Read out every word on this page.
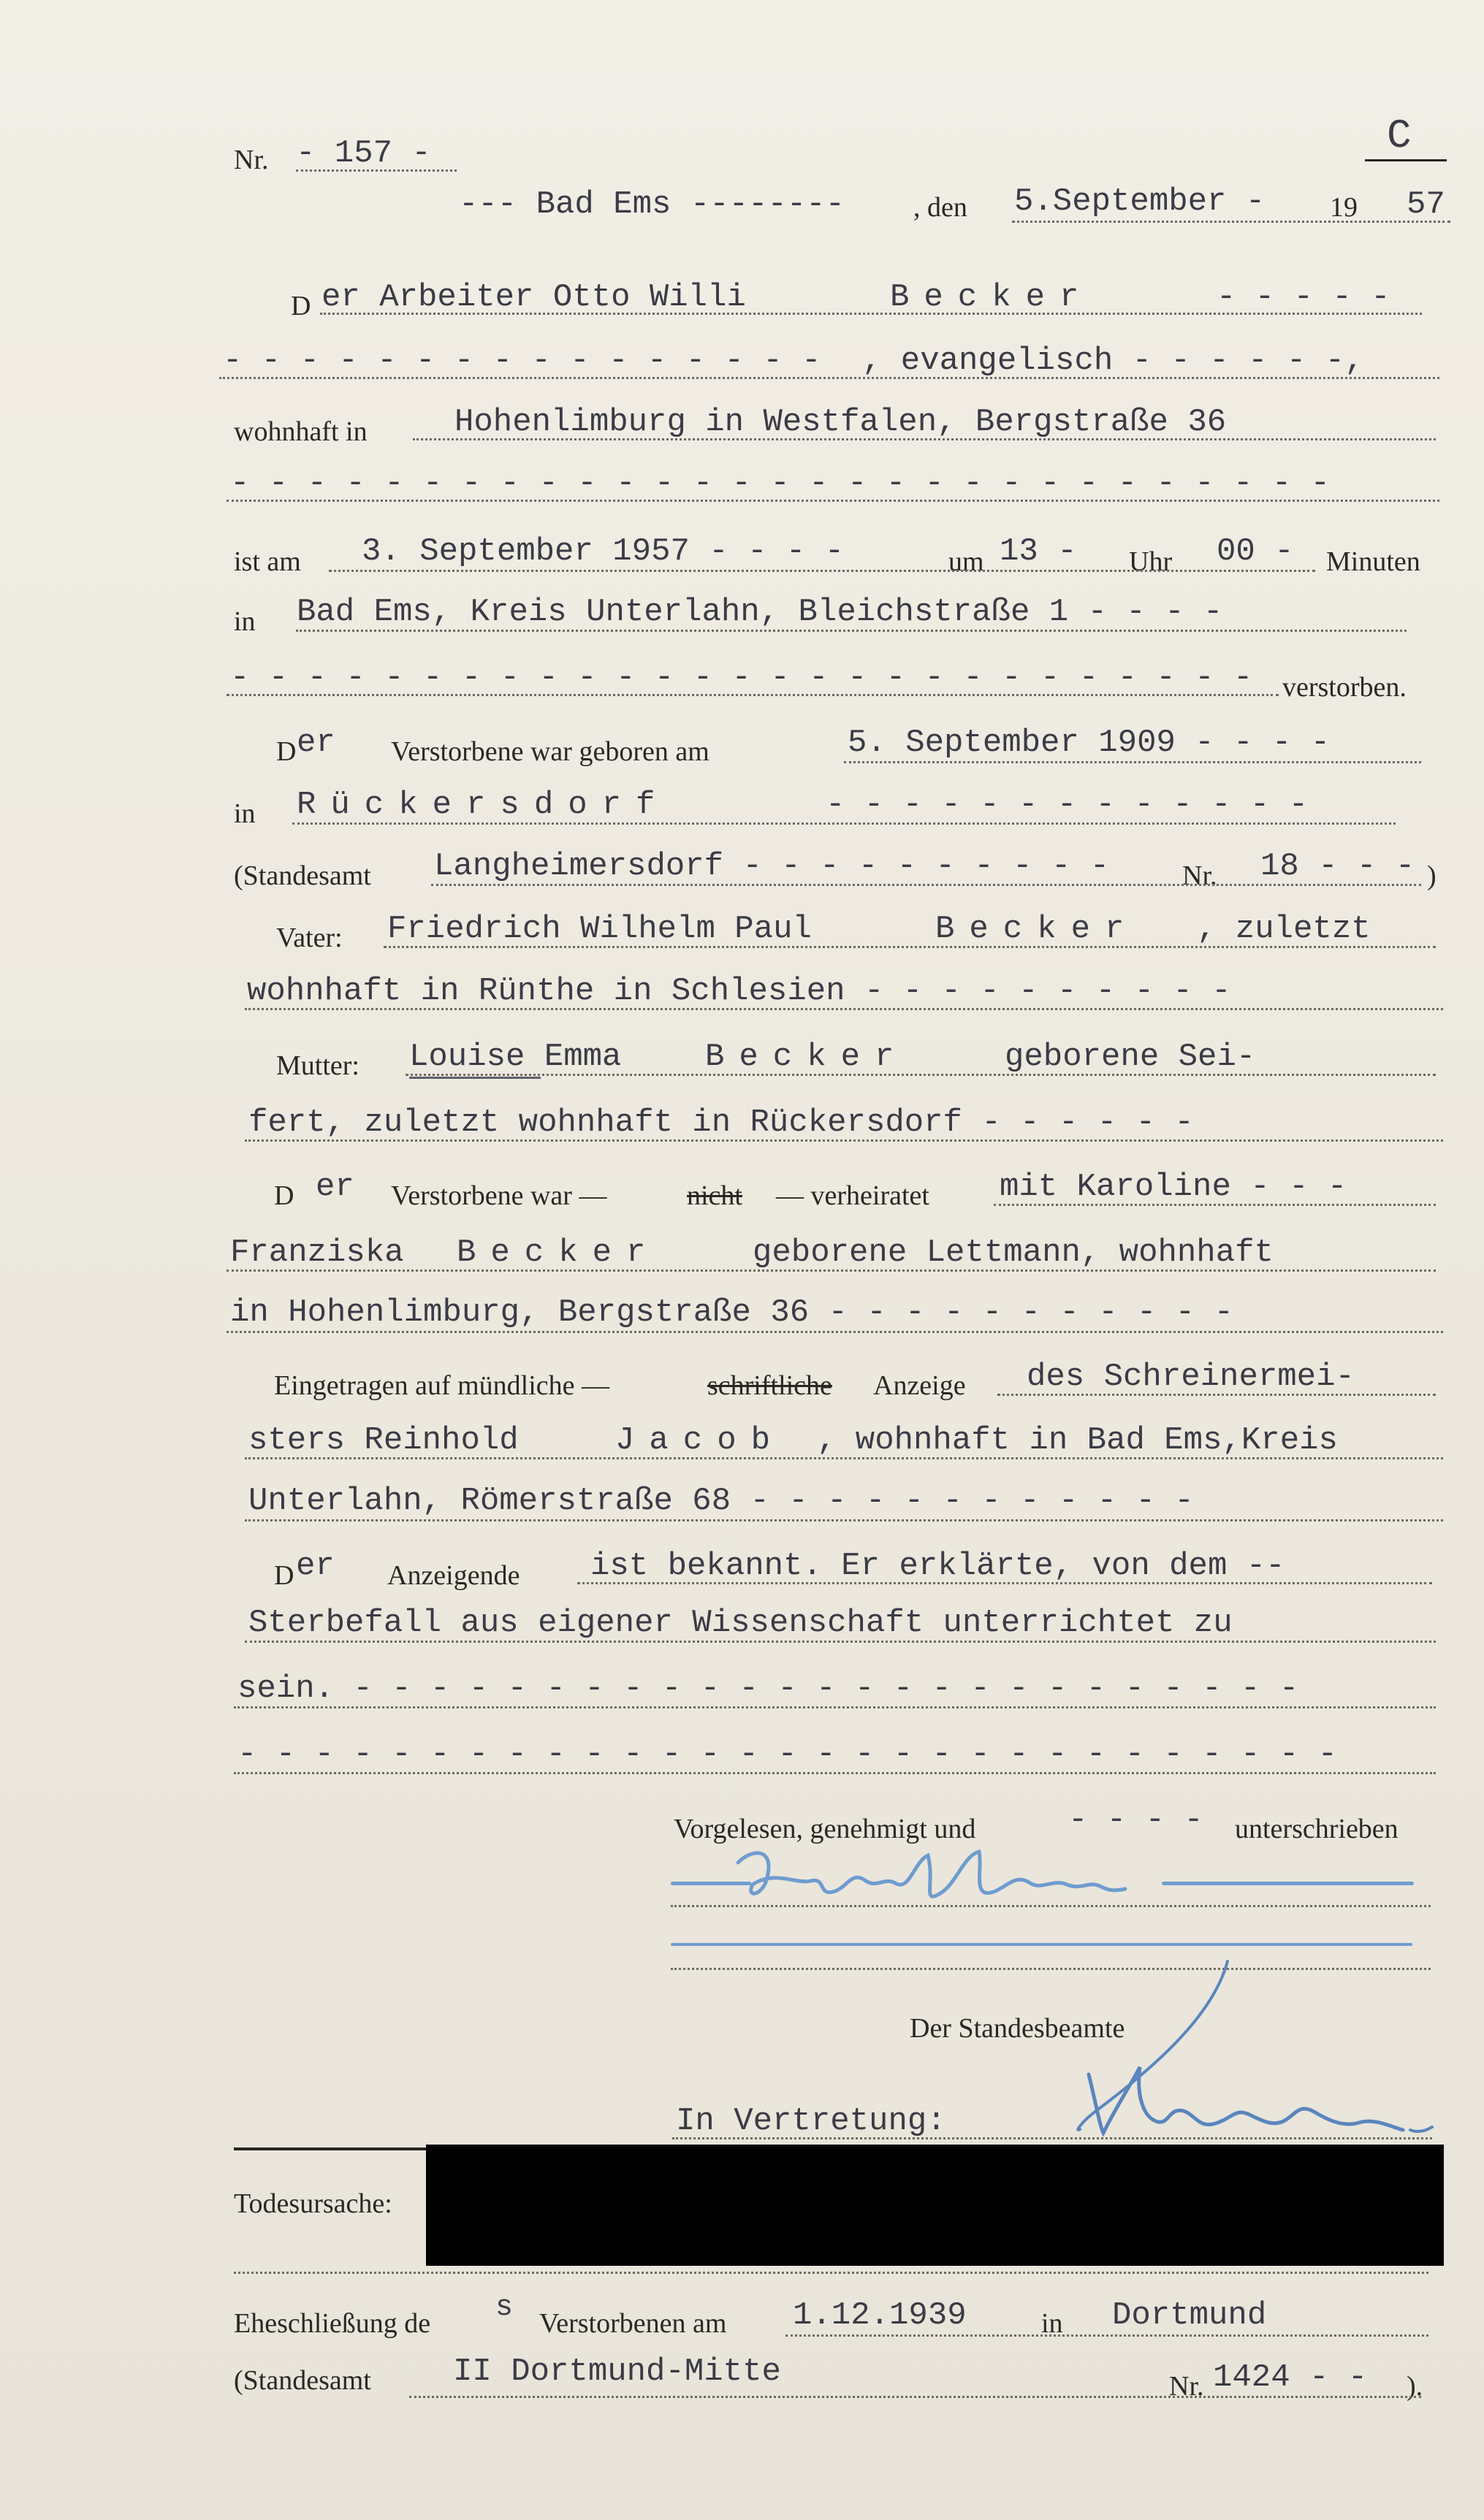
Nr. - 157 -	C
--- Bad Ems -------- , den 5.September - 19 57
D er Arbeiter Otto Willi	Becker	- - - - -
- - - - - - - - - - - - - - - - , evangelisch - - - - - -,
wohnhaft in	Hohenlimburg in Westfalen, Bergstraße 36
- - - - - - - - - - - - - - - - - - - - - - - - - - - - -
ist am 3. September 1957 - - - -	um 13 - Uhr 00 - Minuten
in Bad Ems, Kreis Unterlahn, Bleichstraße 1 - - - -
- - - - - - - - - - - - - - - - - - - - - - - - - - - verstorben.
D er Verstorbene war geboren am	5. September 1909 - - - -
in Rückersdorf	- - - - - - - - - - - - -
(Standesamt Langheimersdorf - - - - - - - - - -	Nr. 18 - - - )
Vater: Friedrich Wilhelm Paul	Becker , zuletzt
wohnhaft in Rünthe in Schlesien - - - - - - - - - -
Mutter: Louise Emma	Becker	geborene Sei-
fert, zuletzt wohnhaft in Rückersdorf - - - - - -
D er Verstorbene war —	nicht — verheiratet mit Karoline - - -
Franziska Becker	geborene Lettmann, wohnhaft
in Hohenlimburg, Bergstraße 36 - - - - - - - - - - -
Eingetragen auf mündliche —	schriftliche Anzeige des Schreinermei-
sters Reinhold	Jacob , wohnhaft in Bad Ems,Kreis
Unterlahn, Römerstraße 68 - - - - - - - - - - - -
D er Anzeigende ist bekannt. Er erklärte, von dem --
Sterbefall aus eigener Wissenschaft unterrichtet zu
sein. - - - - - - - - - - - - - - - - - - - - - - - - -
- - - - - - - - - - - - - - - - - - - - - - - - - - - - -
Vorgelesen, genehmigt und	- - - - unterschrieben
Der Standesbeamte
In Vertretung:
Todesursache:
Eheschließung de s Verstorbenen am 1.12.1939	in Dortmund
(Standesamt	II Dortmund-Mitte	Nr. 1424 - - ).
